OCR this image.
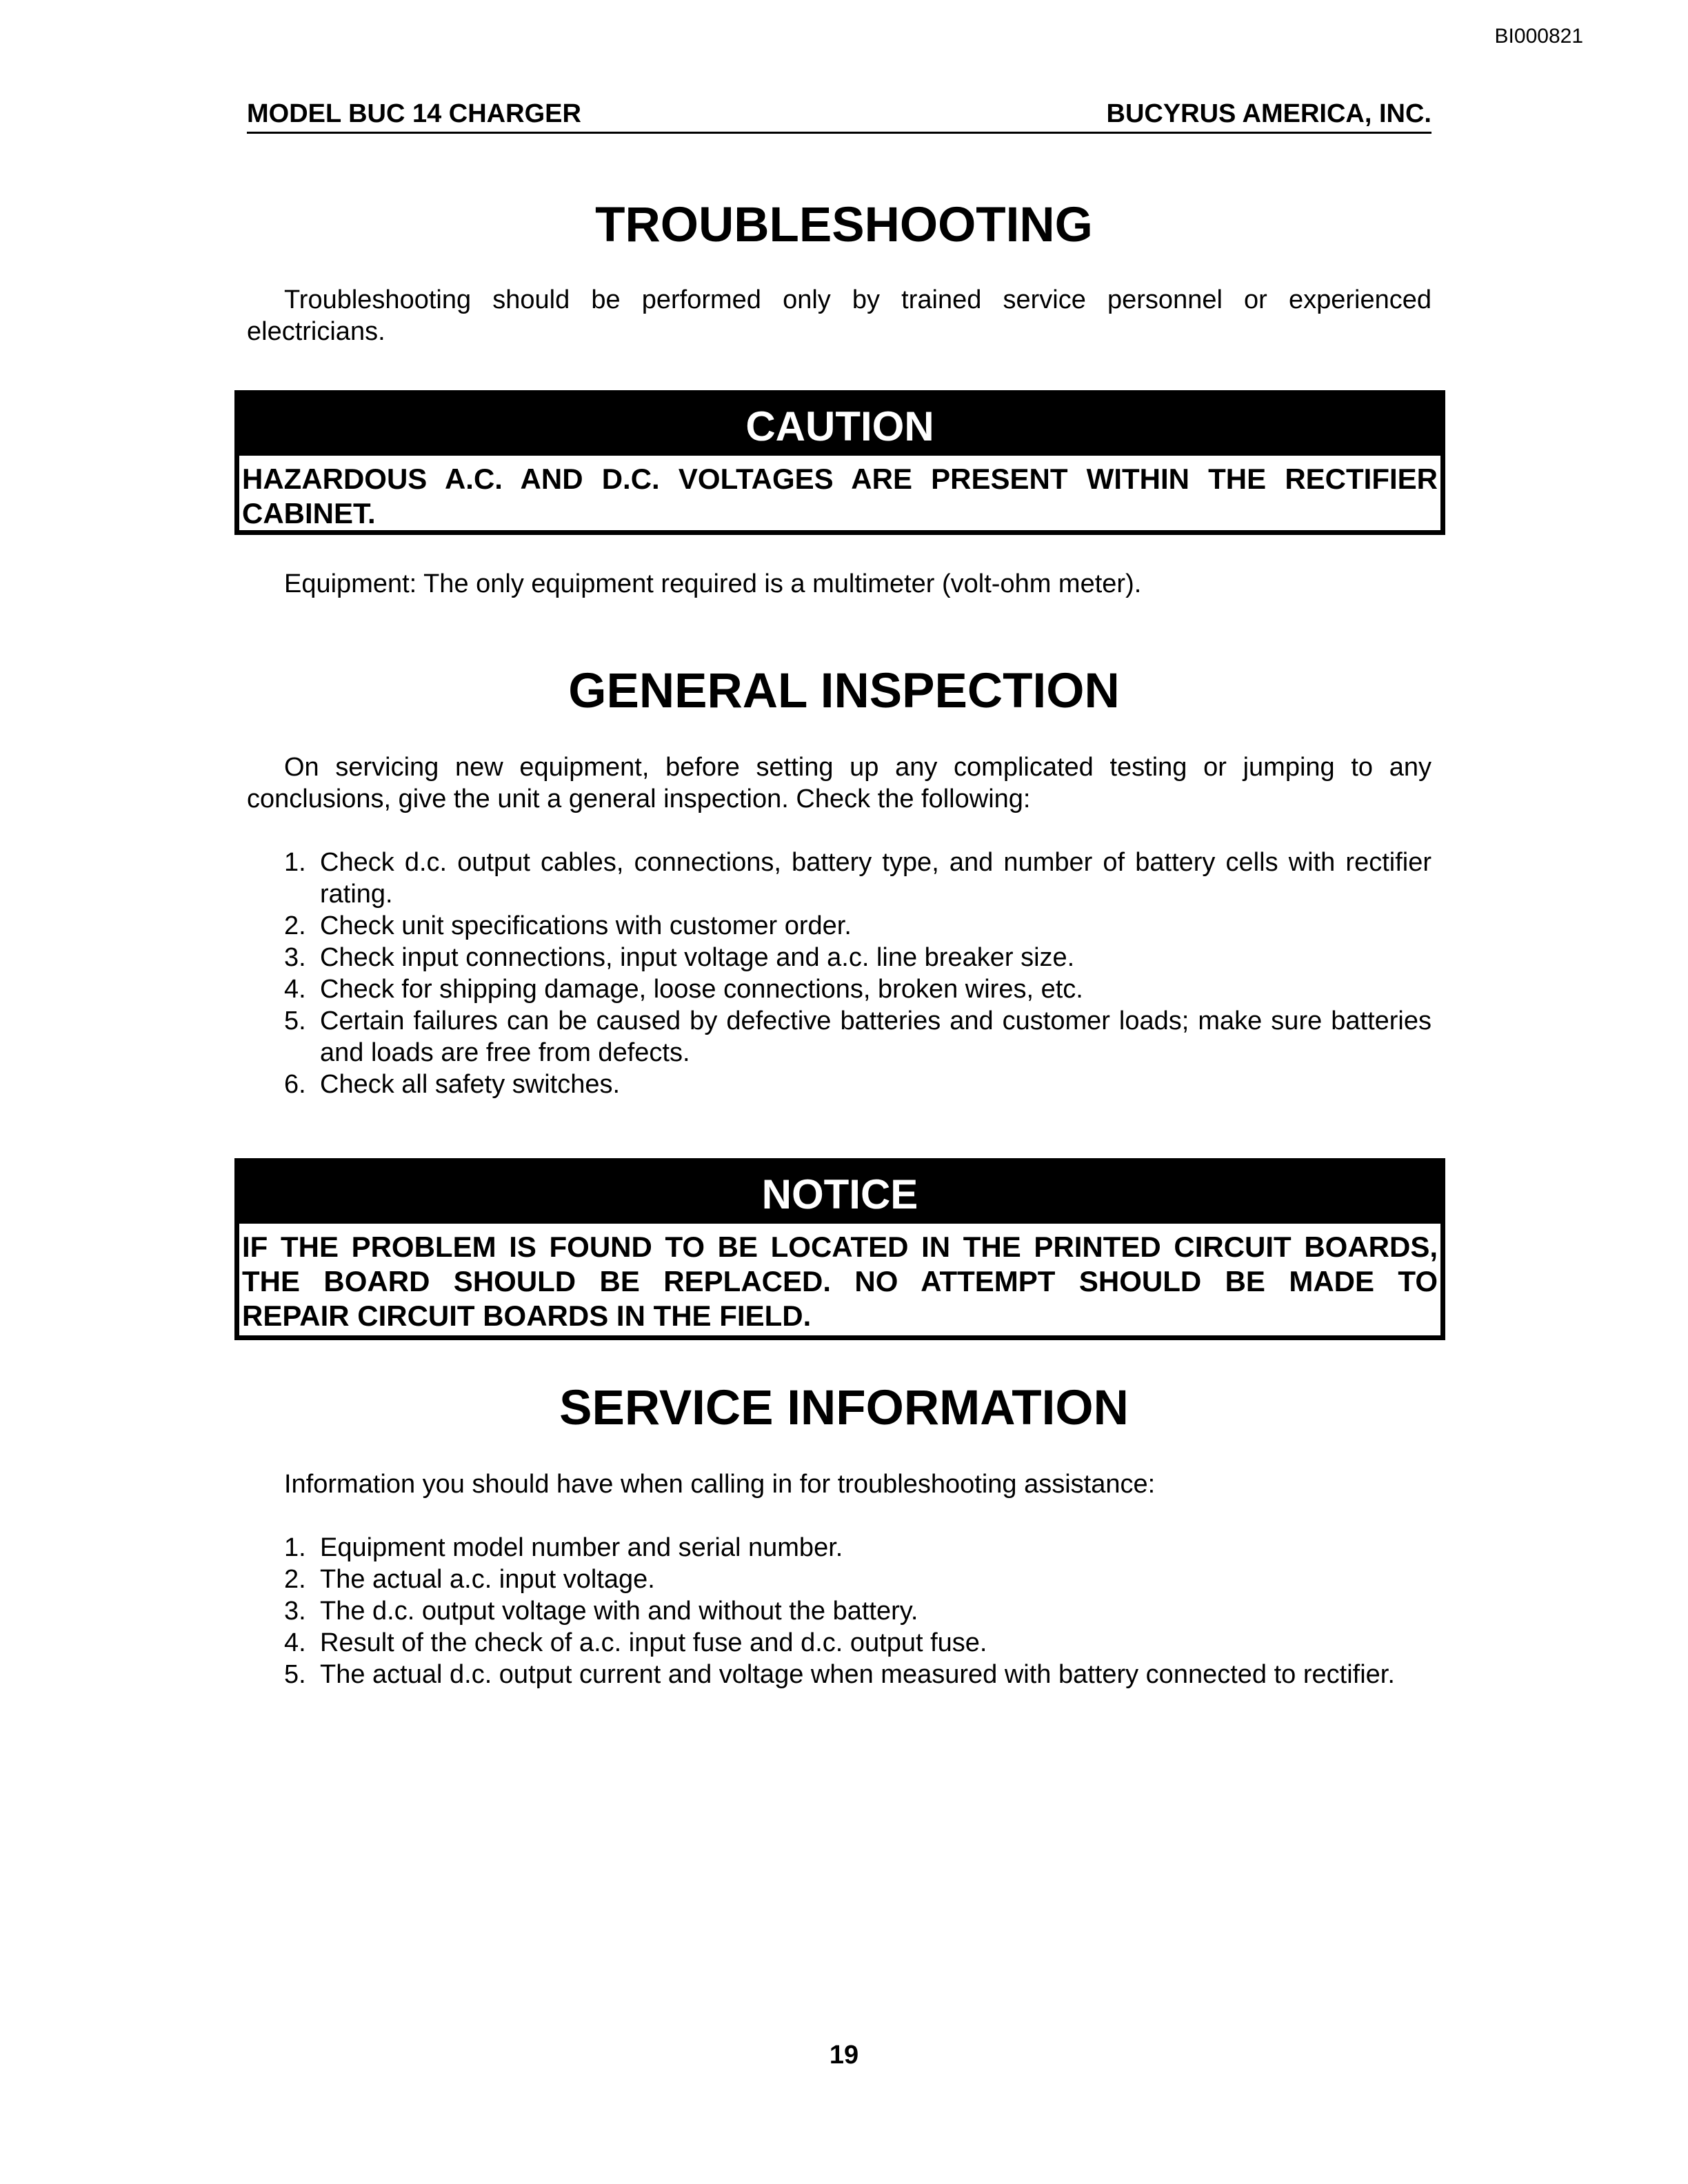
BI000821
MODEL BUC 14 CHARGER	BUCYRUS AMERICA, INC.
TROUBLESHOOTING
Troubleshooting should be performed only by trained service personnel or experienced electricians.
CAUTION
HAZARDOUS A.C. AND D.C. VOLTAGES ARE PRESENT WITHIN THE RECTIFIER
CABINET.
Equipment: The only equipment required is a multimeter (volt-ohm meter).
GENERAL INSPECTION
On servicing new equipment, before setting up any complicated testing or jumping to any conclusions, give the unit a general inspection. Check the following:
1. Check d.c. output cables, connections, battery type, and number of battery cells with rectifier rating.
2. Check unit specifications with customer order.
3. Check input connections, input voltage and a.c. line breaker size.
4. Check for shipping damage, loose connections, broken wires, etc.
5. Certain failures can be caused by defective batteries and customer loads; make sure batteries and loads are free from defects.
6. Check all safety switches.
NOTICE
IF THE PROBLEM IS FOUND TO BE LOCATED IN THE PRINTED CIRCUIT BOARDS,
THE BOARD SHOULD BE REPLACED. NO ATTEMPT SHOULD BE MADE TO
REPAIR CIRCUIT BOARDS IN THE FIELD.
SERVICE INFORMATION
Information you should have when calling in for troubleshooting assistance:
1. Equipment model number and serial number.
2. The actual a.c. input voltage.
3. The d.c. output voltage with and without the battery.
4. Result of the check of a.c. input fuse and d.c. output fuse.
5. The actual d.c. output current and voltage when measured with battery connected to rectifier.
19
